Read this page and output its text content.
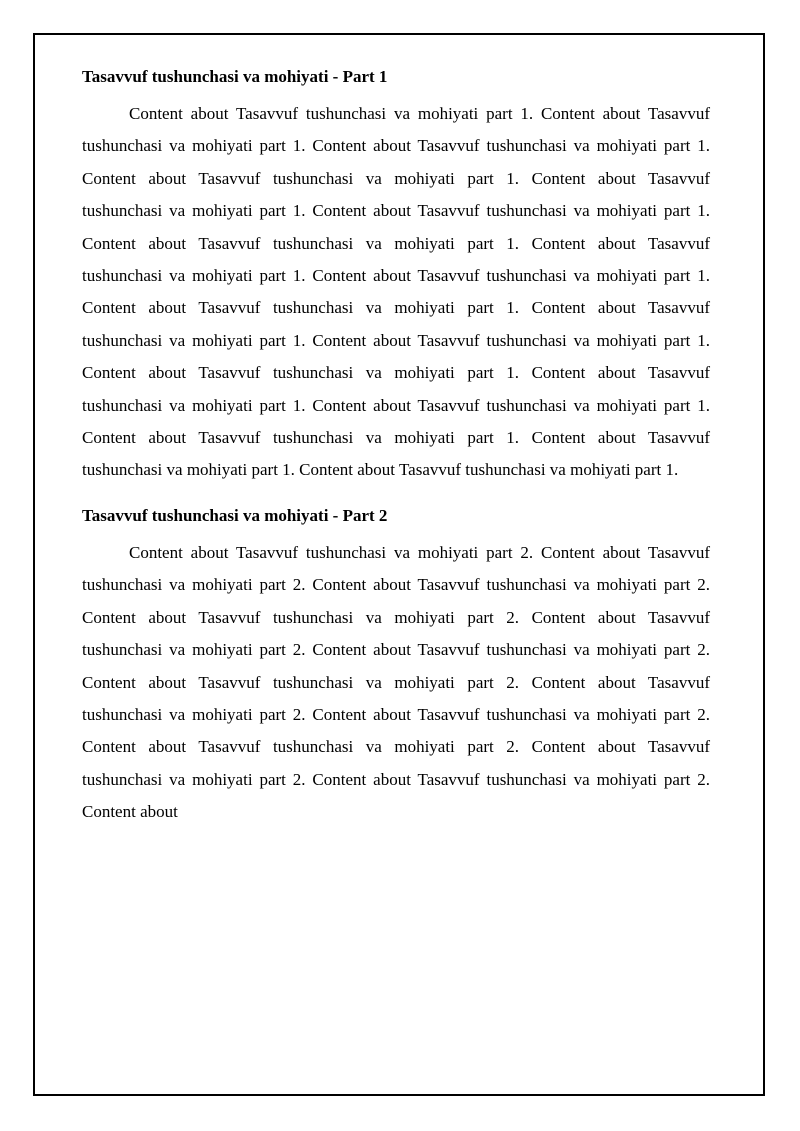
Tasavvuf tushunchasi va mohiyati - Part 1

Content about Tasavvuf tushunchasi va mohiyati part 1. Content about Tasavvuf tushunchasi va mohiyati part 1. Content about Tasavvuf tushunchasi va mohiyati part 1. Content about Tasavvuf tushunchasi va mohiyati part 1. Content about Tasavvuf tushunchasi va mohiyati part 1. Content about Tasavvuf tushunchasi va mohiyati part 1. Content about Tasavvuf tushunchasi va mohiyati part 1. Content about Tasavvuf tushunchasi va mohiyati part 1. Content about Tasavvuf tushunchasi va mohiyati part 1. Content about Tasavvuf tushunchasi va mohiyati part 1. Content about Tasavvuf tushunchasi va mohiyati part 1. Content about Tasavvuf tushunchasi va mohiyati part 1. Content about Tasavvuf tushunchasi va mohiyati part 1. Content about Tasavvuf tushunchasi va mohiyati part 1. Content about Tasavvuf tushunchasi va mohiyati part 1. Content about Tasavvuf tushunchasi va mohiyati part 1. Content about Tasavvuf tushunchasi va mohiyati part 1. Content about Tasavvuf tushunchasi va mohiyati part 1.

Tasavvuf tushunchasi va mohiyati - Part 2

Content about Tasavvuf tushunchasi va mohiyati part 2. Content about Tasavvuf tushunchasi va mohiyati part 2. Content about Tasavvuf tushunchasi va mohiyati part 2. Content about Tasavvuf tushunchasi va mohiyati part 2. Content about Tasavvuf tushunchasi va mohiyati part 2. Content about Tasavvuf tushunchasi va mohiyati part 2. Content about Tasavvuf tushunchasi va mohiyati part 2. Content about Tasavvuf tushunchasi va mohiyati part 2. Content about Tasavvuf tushunchasi va mohiyati part 2. Content about Tasavvuf tushunchasi va mohiyati part 2. Content about Tasavvuf tushunchasi va mohiyati part 2. Content about Tasavvuf tushunchasi va mohiyati part 2. Content about
